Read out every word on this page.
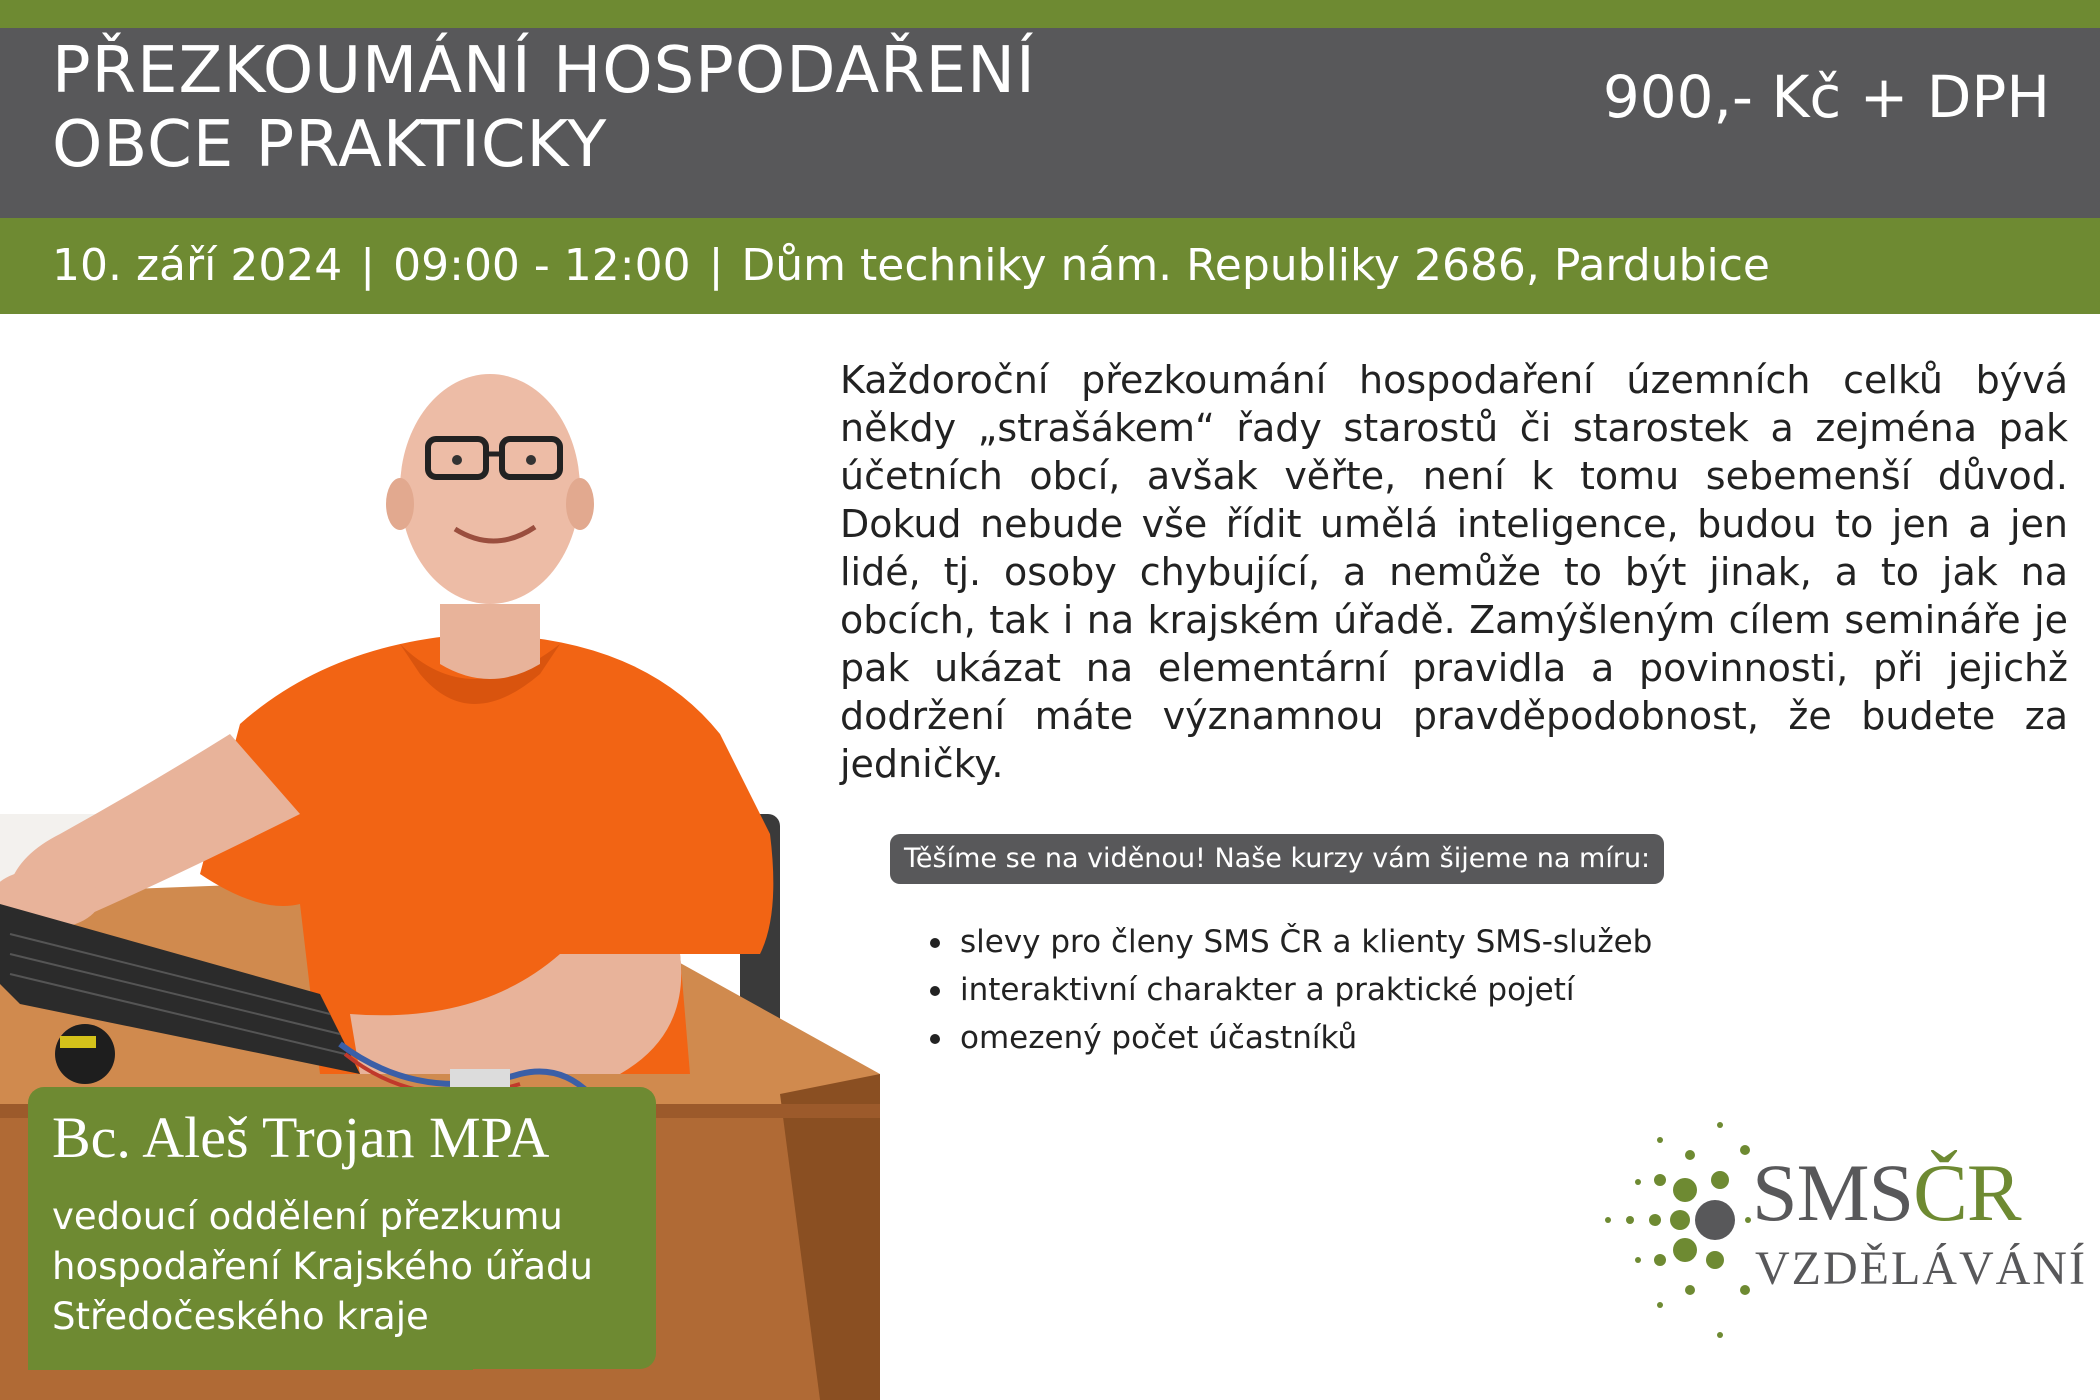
PŘEZKOUMÁNÍ HOSPODAŘENÍ
OBCE PRAKTICKY
900,- Kč + DPH
10. září 2024 | 09:00 - 12:00 | Dům techniky nám. Republiky 2686, Pardubice
Bc. Aleš Trojan MPA
vedoucí oddělení přezkumu
hospodaření Krajského úřadu
Středočeského kraje

Každoroční přezkoumání hospodaření územních celků bývá někdy „strašákem“ řady starostů či starostek a zejména pak účetních obcí, avšak věřte, není k tomu sebemenší důvod. Dokud nebude vše řídit umělá inteligence, budou to jen a jen lidé, tj. osoby chybující, a nemůže to být jinak, a to jak na obcích, tak i na krajském úřadě. Zamýšleným cílem semináře je pak ukázat na elementární pravidla a povinnosti, při jejichž dodržení máte významnou pravděpodobnost, že budete za jedničky.

Těšíme se na viděnou! Naše kurzy vám šijeme na míru:
slevy pro členy SMS ČR a klienty SMS-služeb
interaktivní charakter a praktické pojetí
omezený počet účastníků
SMSČR
VZDĚLÁVÁNÍ
